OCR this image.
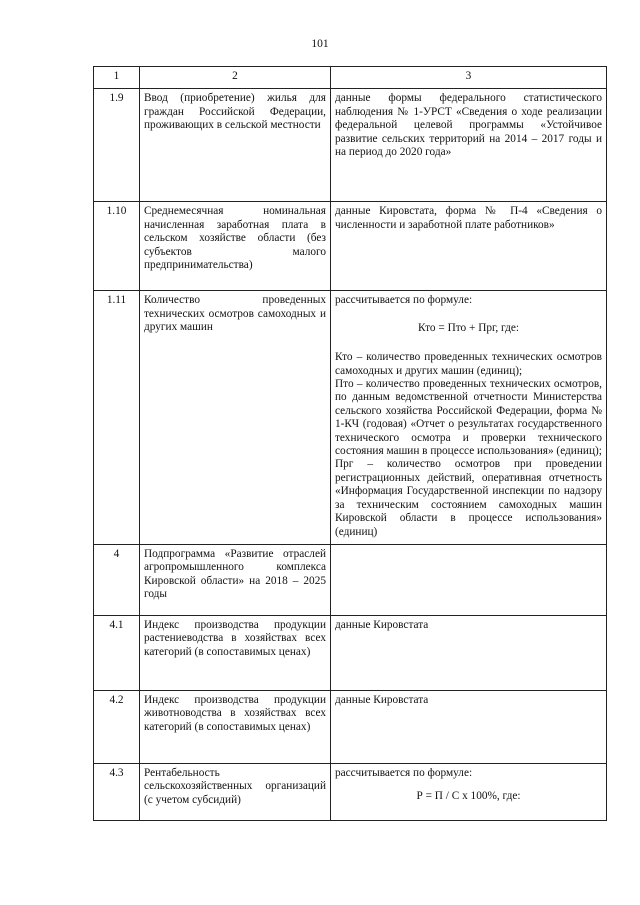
101
1	2	3
1.9	Ввод (приобретение) жилья для граждан Российской Федерации, проживающих в сельской местности	данные формы федерального статистического наблюдения № 1-УРСТ «Сведения о ходе реализации федеральной целевой программы «Устойчивое развитие сельских территорий на 2014 – 2017 годы и на период до 2020 года»
1.10	Среднемесячная номинальная начисленная заработная плата в сельском хозяйстве области (без субъектов малого предпринимательства)	данные Кировстата, форма № П-4 «Сведения о численности и заработной плате работников»
1.11	Количество проведенных технических осмотров самоходных и других машин	рассчитывается по формуле:
Кто = Пто + Прг, где:

Кто – количество проведенных технических осмотров самоходных и других машин (единиц);

Пто – количество проведенных технических осмотров, по данным ведомственной отчетности Министерства сельского хозяйства Российской Федерации, форма № 1-КЧ (годовая) «Отчет о результатах государственного технического осмотра и проверки технического состояния машин в процессе использования» (единиц);

Прг – количество осмотров при проведении регистрационных действий, оперативная отчетность «Информация Государственной инспекции по надзору за техническим состоянием самоходных машин Кировской области в процессе использования» (единиц)

4	Подпрограмма «Развитие отраслей агропромышленного комплекса Кировской области» на 2018 – 2025 годы	
4.1	Индекс производства продукции растениеводства в хозяйствах всех категорий (в сопоставимых ценах)	данные Кировстата
4.2	Индекс производства продукции животноводства в хозяйствах всех категорий (в сопоставимых ценах)	данные Кировстата
4.3	Рентабельность сельскохозяйственных организаций (с учетом субсидий)	рассчитывается по формуле:
Р = П / С х 100%, где:
